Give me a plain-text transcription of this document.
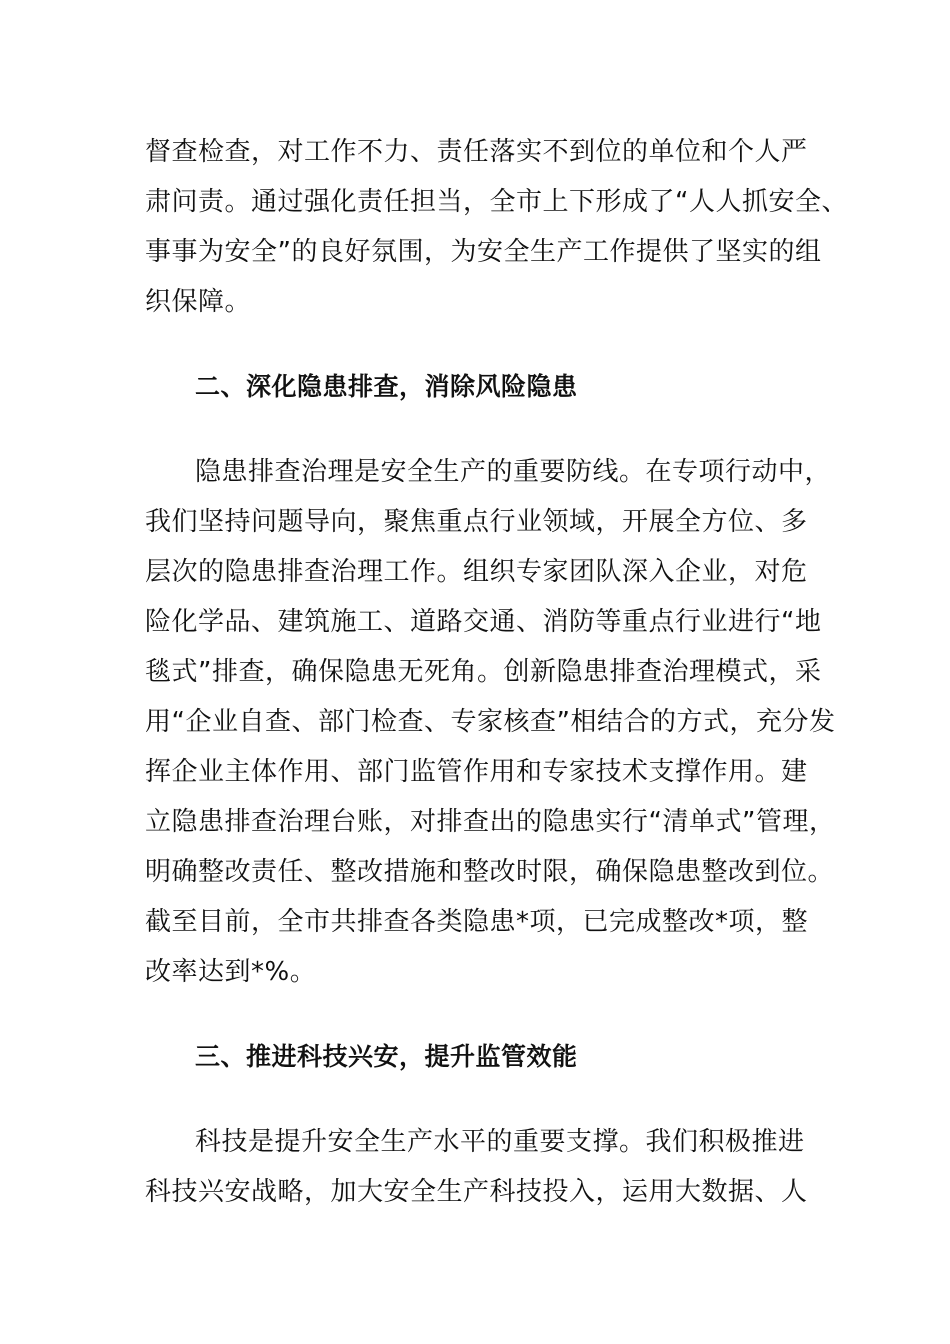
督查检查，对工作不力、责任落实不到位的单位和个人严
肃问责。通过强化责任担当，全市上下形成了“人人抓安全、
事事为安全”的良好氛围，为安全生产工作提供了坚实的组
织保障。
二、深化隐患排查，消除风险隐患
隐患排查治理是安全生产的重要防线。在专项行动中，
我们坚持问题导向，聚焦重点行业领域，开展全方位、多
层次的隐患排查治理工作。组织专家团队深入企业，对危
险化学品、建筑施工、道路交通、消防等重点行业进行“地
毯式”排查，确保隐患无死角。创新隐患排查治理模式，采
用“企业自查、部门检查、专家核查”相结合的方式，充分发
挥企业主体作用、部门监管作用和专家技术支撑作用。建
立隐患排查治理台账，对排查出的隐患实行“清单式”管理，
明确整改责任、整改措施和整改时限，确保隐患整改到位。
截至目前，全市共排查各类隐患*项，已完成整改*项，整
改率达到*%。
三、推进科技兴安，提升监管效能
科技是提升安全生产水平的重要支撑。我们积极推进
科技兴安战略，加大安全生产科技投入，运用大数据、人
